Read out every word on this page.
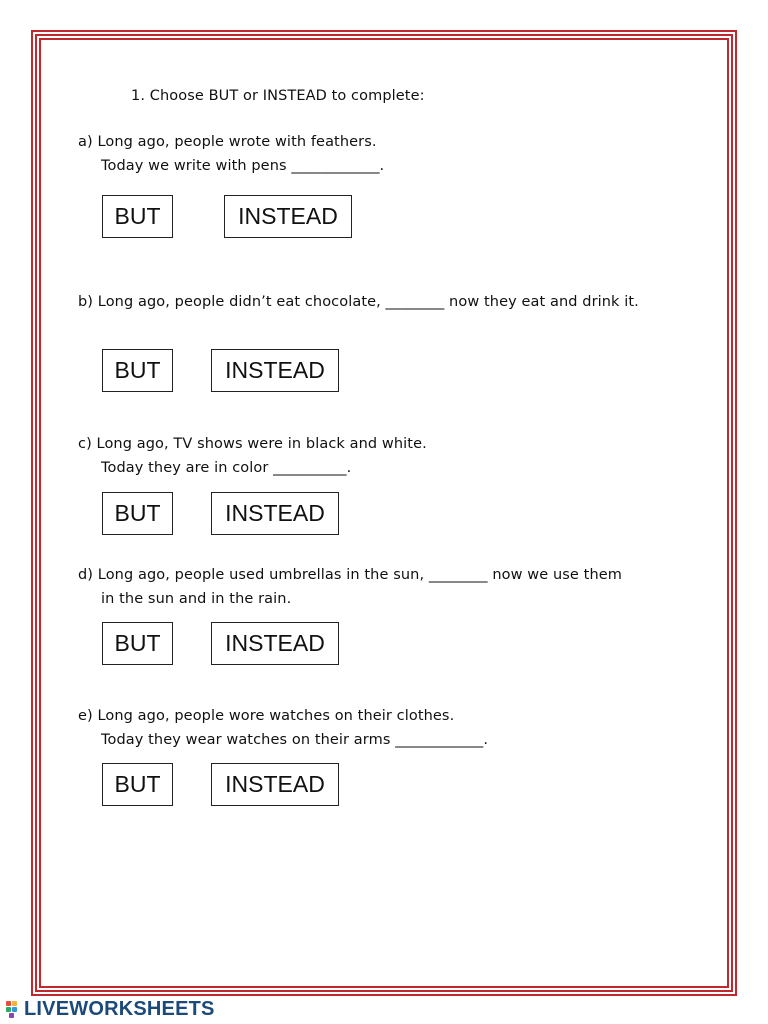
1. Choose BUT or INSTEAD to complete:
a) Long ago, people wrote with feathers.
Today we write with pens ____________.
BUT	INSTEAD
b) Long ago, people didn’t eat chocolate, ________ now they eat and drink it.
BUT	INSTEAD
c) Long ago, TV shows were in black and white.
Today they are in color __________.
BUT	INSTEAD
d) Long ago, people used umbrellas in the sun, ________ now we use them
in the sun and in the rain.
BUT	INSTEAD
e) Long ago, people wore watches on their clothes.
Today they wear watches on their arms ____________.
BUT	INSTEAD
LIVEWORKSHEETS
